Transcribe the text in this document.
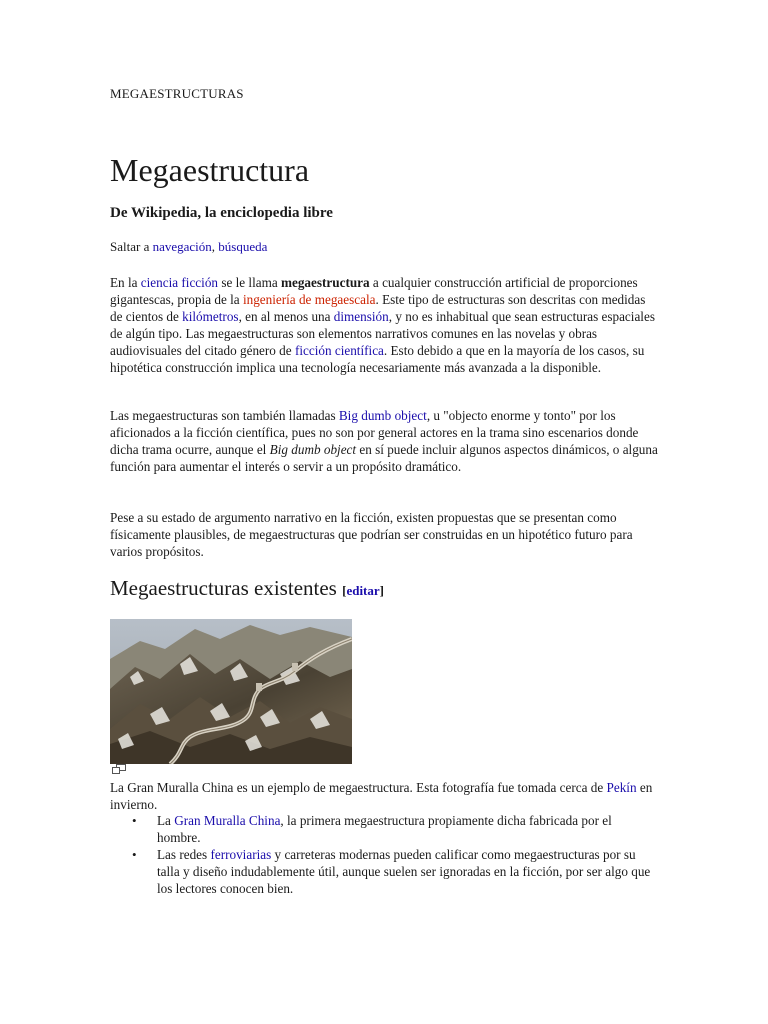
MEGAESTRUCTURAS
Megaestructura
De Wikipedia, la enciclopedia libre
Saltar a navegación, búsqueda

En la ciencia ficción se le llama megaestructura a cualquier construcción artificial de proporciones gigantescas, propia de la ingeniería de megaescala. Este tipo de estructuras son descritas con medidas de cientos de kilómetros, en al menos una dimensión, y no es inhabitual que sean estructuras espaciales de algún tipo. Las megaestructuras son elementos narrativos comunes en las novelas y obras audiovisuales del citado género de ficción científica. Esto debido a que en la mayoría de los casos, su hipotética construcción implica una tecnología necesariamente más avanzada a la disponible.

Las megaestructuras son también llamadas Big dumb object, u "objecto enorme y tonto" por los aficionados a la ficción científica, pues no son por general actores en la trama sino escenarios donde dicha trama ocurre, aunque el Big dumb object en sí puede incluir algunos aspectos dinámicos, o alguna función para aumentar el interés o servir a un propósito dramático.

Pese a su estado de argumento narrativo en la ficción, existen propuestas que se presentan como físicamente plausibles, de megaestructuras que podrían ser construidas en un hipotético futuro para varios propósitos.

Megaestructuras existentes [editar]
La Gran Muralla China es un ejemplo de megaestructura. Esta fotografía fue tomada cerca de Pekín en invierno.
• La Gran Muralla China, la primera megaestructura propiamente dicha fabricada por el hombre.
• Las redes ferroviarias y carreteras modernas pueden calificar como megaestructuras por su talla y diseño indudablemente útil, aunque suelen ser ignoradas en la ficción, por ser algo que los lectores conocen bien.
